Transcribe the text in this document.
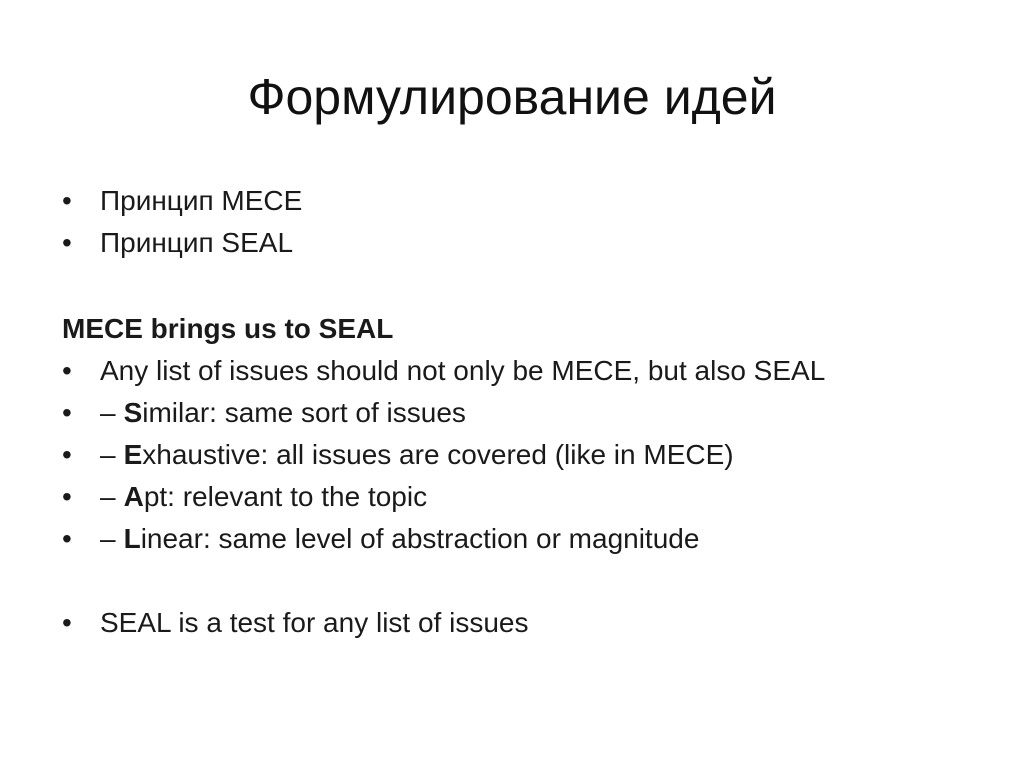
Формулирование идей
•	Принцип MECE
•	Принцип SEAL
MECE brings us to SEAL
•	Any list of issues should not only be MECE, but also SEAL
•	– Similar: same sort of issues
•	– Exhaustive: all issues are covered (like in MECE)
•	– Apt: relevant to the topic
•	– Linear: same level of abstraction or magnitude
•	SEAL is a test for any list of issues
